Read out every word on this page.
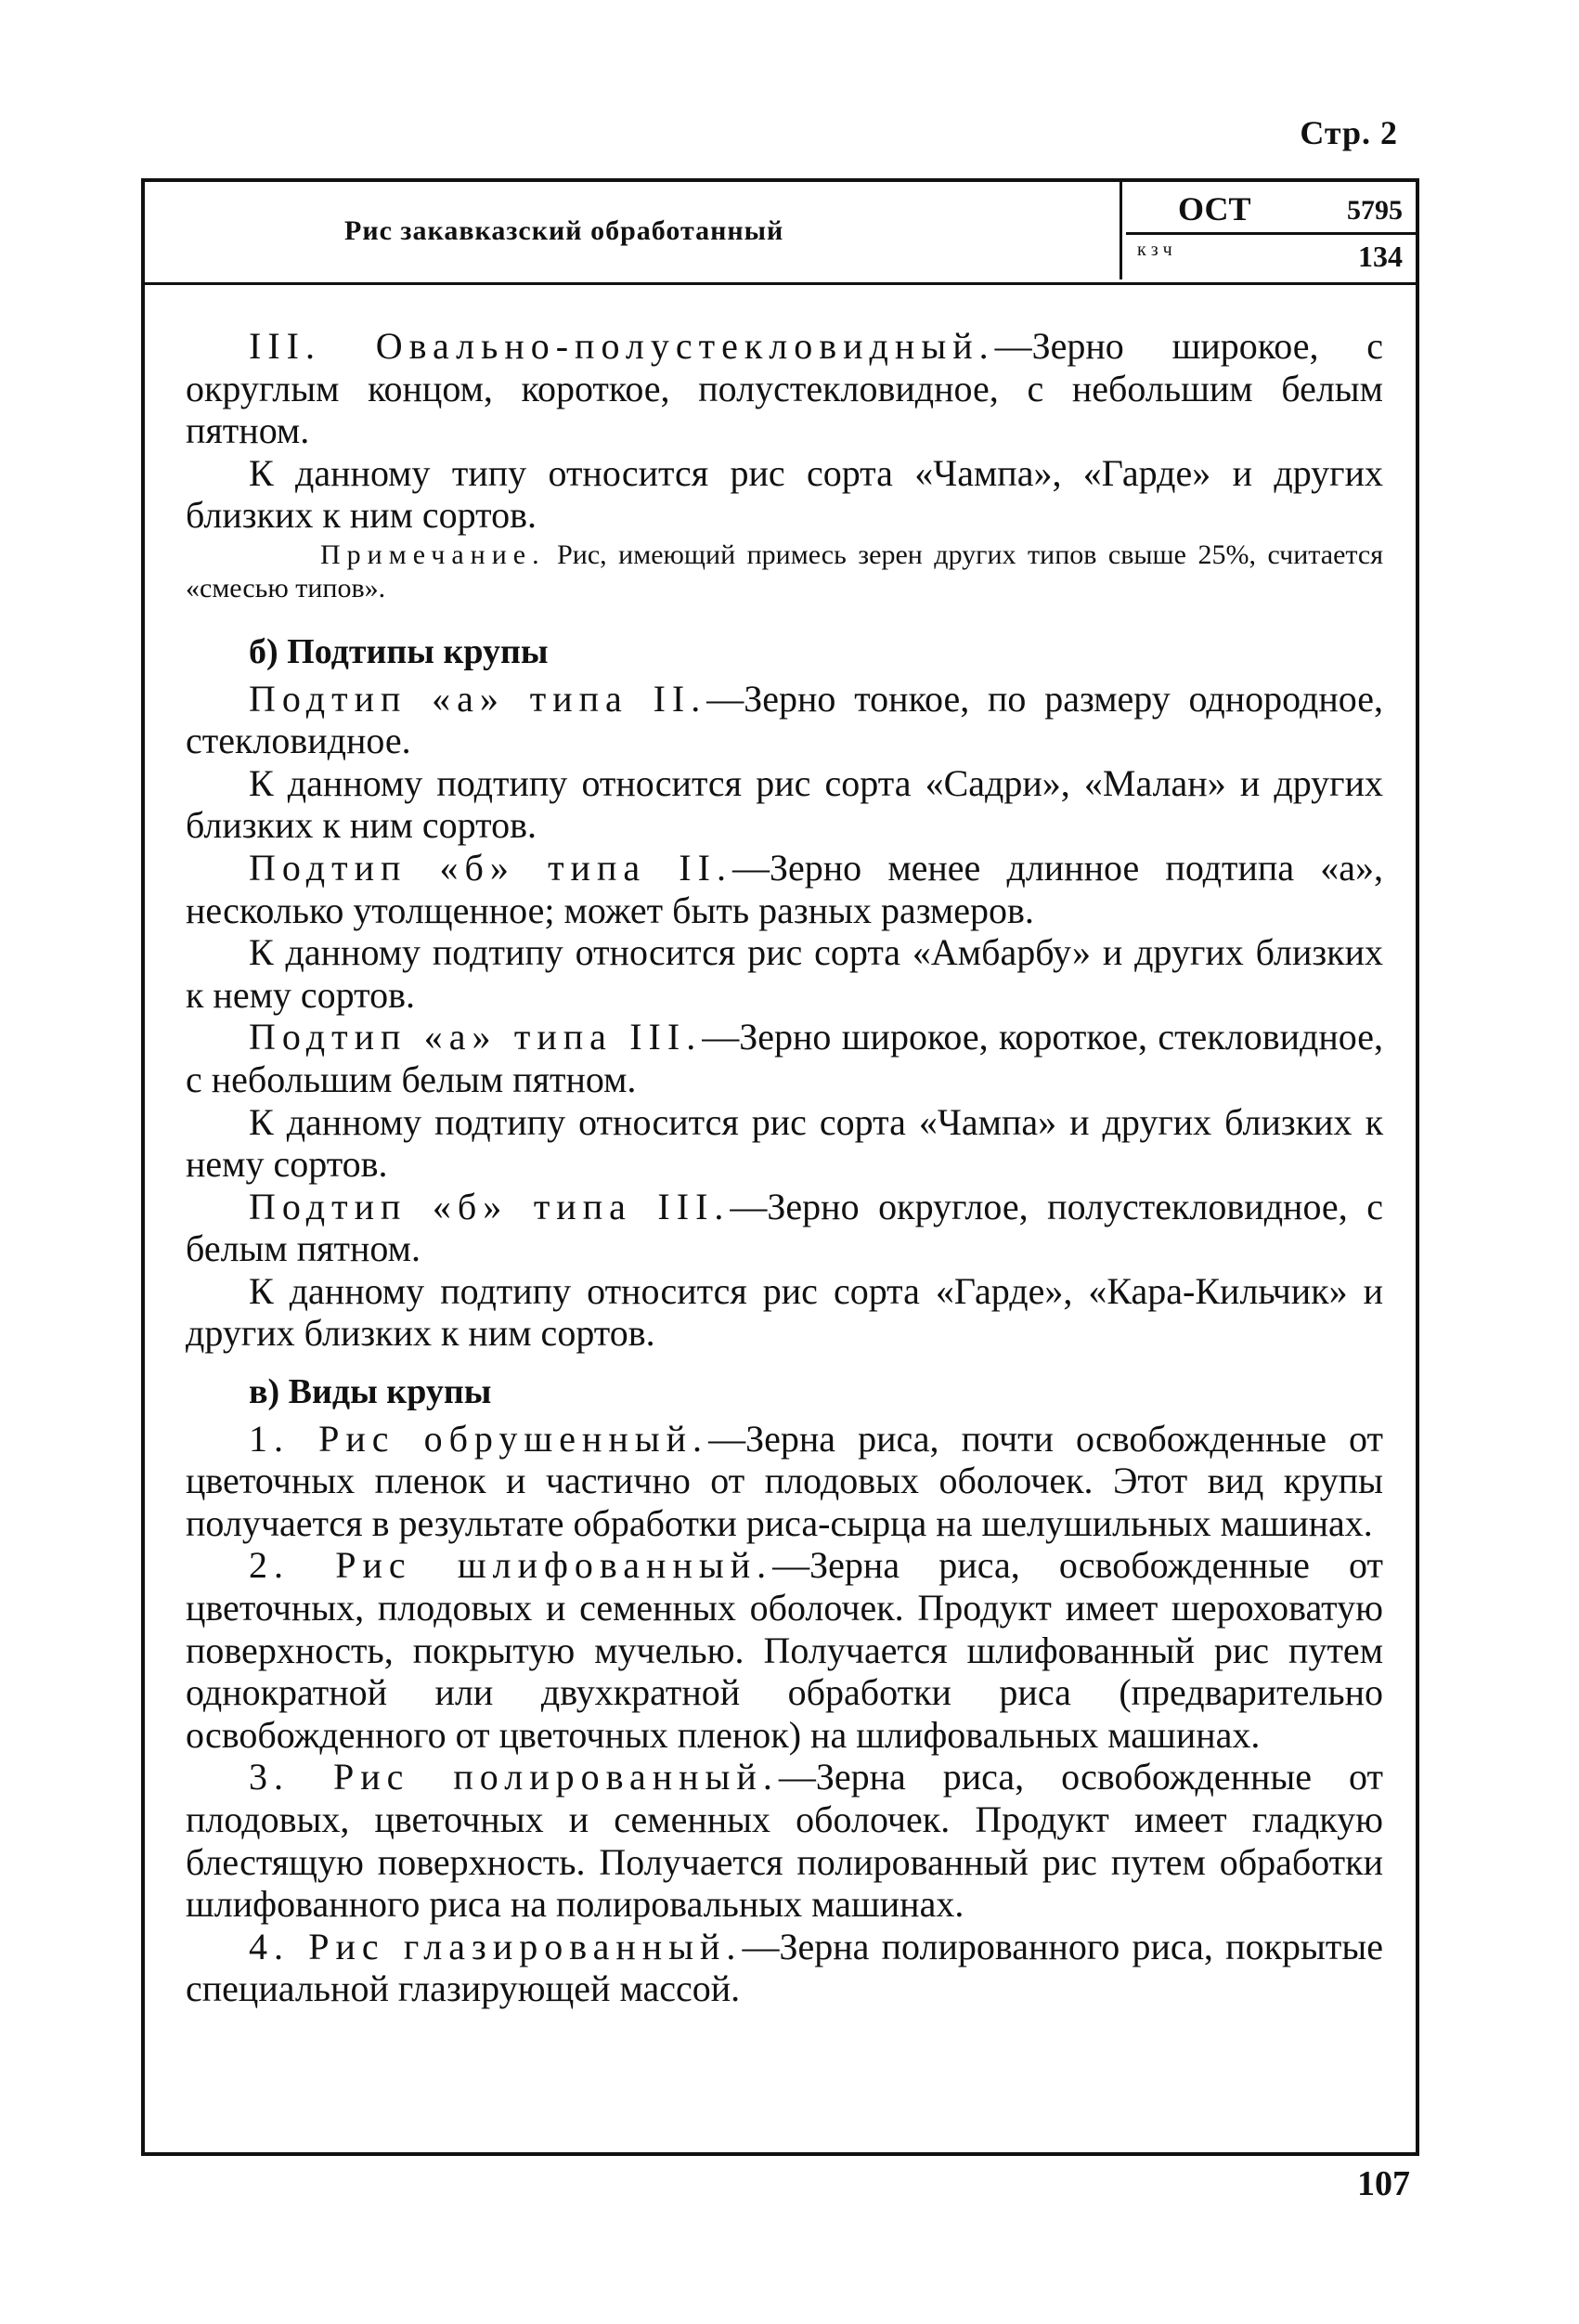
Стр. 2
Рис закавказский обработанный
ОСТ	5795
к з ч	134

III. Овально-полустекловидный.—Зерно широкое, с округлым концом, короткое, полустекловидное, с небольшим белым пятном.

К данному типу относится рис сорта «Чампа», «Гарде» и других близких к ним сортов.

Примечание. Рис, имеющий примесь зерен других типов свыше 25%, считается «смесью типов».

б) Подтипы крупы

Подтип «а» типа II.—Зерно тонкое, по размеру однородное, стекловидное.

К данному подтипу относится рис сорта «Садри», «Малан» и других близких к ним сортов.

Подтип «б» типа II.—Зерно менее длинное подтипа «а», несколько утолщенное; может быть разных размеров.

К данному подтипу относится рис сорта «Амбарбу» и других близких к нему сортов.

Подтип «а» типа III.—Зерно широкое, короткое, стекловидное, с небольшим белым пятном.

К данному подтипу относится рис сорта «Чампа» и других близких к нему сортов.

Подтип «б» типа III.—Зерно округлое, полустекловидное, с белым пятном.

К данному подтипу относится рис сорта «Гарде», «Кара-Кильчик» и других близких к ним сортов.

в) Виды крупы

1. Рис обрушенный.—Зерна риса, почти освобожденные от цветочных пленок и частично от плодовых оболочек. Этот вид крупы получается в результате обработки риса-сырца на шелушильных машинах.

2. Рис шлифованный.—Зерна риса, освобожденные от цветочных, плодовых и семенных оболочек. Продукт имеет шероховатую поверхность, покрытую мучелью. Получается шлифованный рис путем однократной или двухкратной обработки риса (предварительно освобожденного от цветочных пленок) на шлифовальных машинах.

3. Рис полированный.—Зерна риса, освобожденные от плодовых, цветочных и семенных оболочек. Продукт имеет гладкую блестящую поверхность. Получается полированный рис путем обработки шлифованного риса на полировальных машинах.

4. Рис глазированный.—Зерна полированного риса, покрытые специальной глазирующей массой.

107
